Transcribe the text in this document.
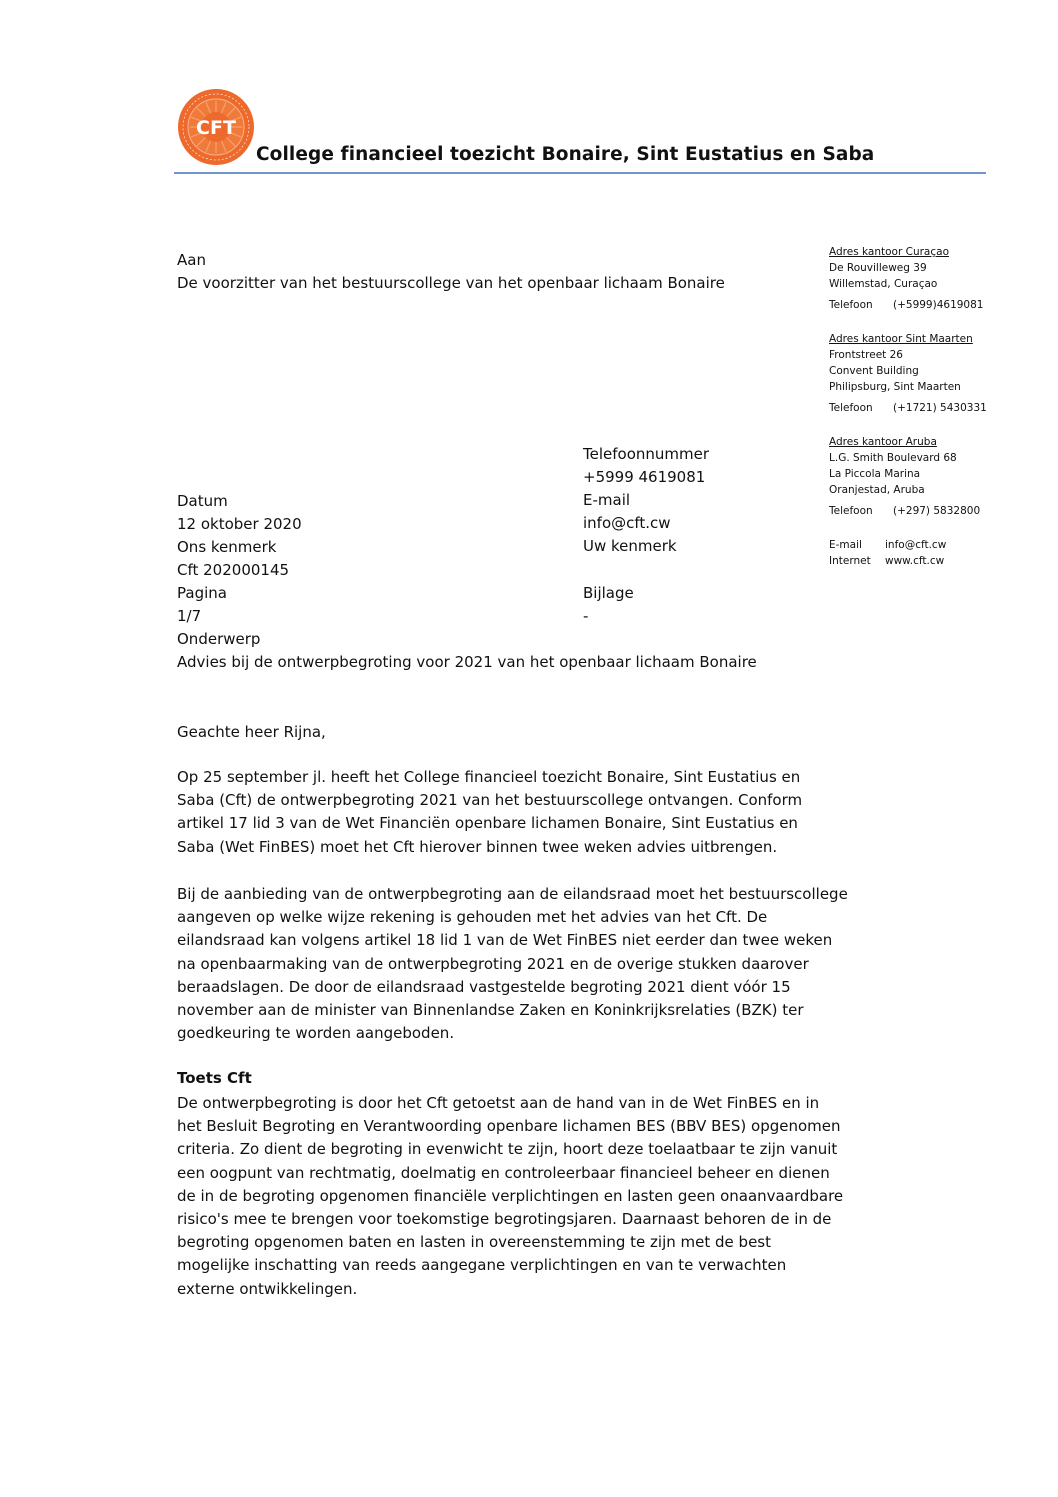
CFT
College financieel toezicht Bonaire, Sint Eustatius en Saba
Aan
De voorzitter van het bestuurscollege van het openbaar lichaam Bonaire
Adres kantoor Curaçao
De Rouvilleweg 39
Willemstad, Curaçao
Telefoon (+5999)4619081
Adres kantoor Sint Maarten
Frontstreet 26
Convent Building
Philipsburg, Sint Maarten
Telefoon (+1721) 5430331
Adres kantoor Aruba
L.G. Smith Boulevard 68
La Piccola Marina
Oranjestad, Aruba
Telefoon (+297) 5832800
E-mail info@cft.cw
Internet www.cft.cw
Telefoonnummer
+5999 4619081
E-mail
info@cft.cw
Uw kenmerk
Bijlage
-
Datum
12 oktober 2020
Ons kenmerk
Cft 202000145
Pagina
1/7
Onderwerp
Advies bij de ontwerpbegroting voor 2021 van het openbaar lichaam Bonaire
Geachte heer Rijna,
Op 25 september jl. heeft het College financieel toezicht Bonaire, Sint Eustatius en
Saba (Cft) de ontwerpbegroting 2021 van het bestuurscollege ontvangen. Conform
artikel 17 lid 3 van de Wet Financiën openbare lichamen Bonaire, Sint Eustatius en
Saba (Wet FinBES) moet het Cft hierover binnen twee weken advies uitbrengen.
Bij de aanbieding van de ontwerpbegroting aan de eilandsraad moet het bestuurscollege
aangeven op welke wijze rekening is gehouden met het advies van het Cft. De
eilandsraad kan volgens artikel 18 lid 1 van de Wet FinBES niet eerder dan twee weken
na openbaarmaking van de ontwerpbegroting 2021 en de overige stukken daarover
beraadslagen. De door de eilandsraad vastgestelde begroting 2021 dient vóór 15
november aan de minister van Binnenlandse Zaken en Koninkrijksrelaties (BZK) ter
goedkeuring te worden aangeboden.
Toets Cft
De ontwerpbegroting is door het Cft getoetst aan de hand van in de Wet FinBES en in
het Besluit Begroting en Verantwoording openbare lichamen BES (BBV BES) opgenomen
criteria. Zo dient de begroting in evenwicht te zijn, hoort deze toelaatbaar te zijn vanuit
een oogpunt van rechtmatig, doelmatig en controleerbaar financieel beheer en dienen
de in de begroting opgenomen financiële verplichtingen en lasten geen onaanvaardbare
risico's mee te brengen voor toekomstige begrotingsjaren. Daarnaast behoren de in de
begroting opgenomen baten en lasten in overeenstemming te zijn met de best
mogelijke inschatting van reeds aangegane verplichtingen en van te verwachten
externe ontwikkelingen.
